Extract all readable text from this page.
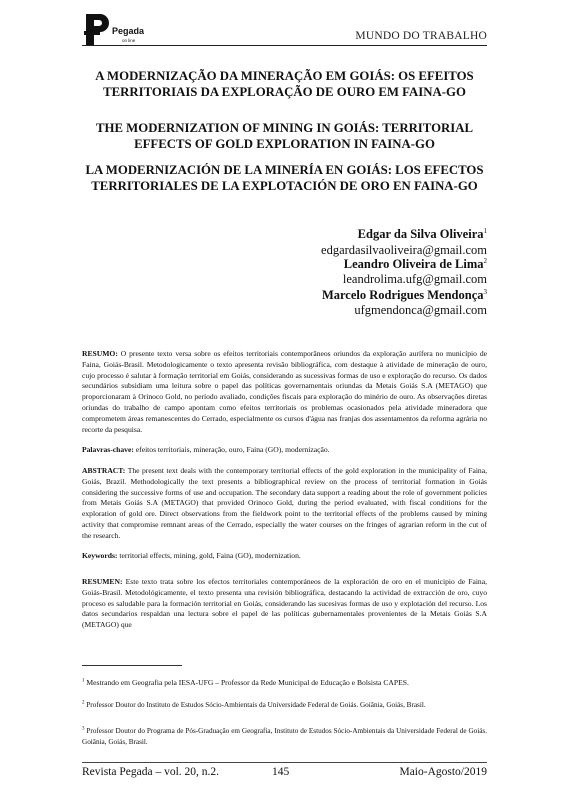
Pegada
on line	MUNDO DO TRABALHO
A MODERNIZAÇÃO DA MINERAÇÃO EM GOIÁS: OS EFEITOS TERRITORIAIS DA EXPLORAÇÃO DE OURO EM FAINA-GO
THE MODERNIZATION OF MINING IN GOIÁS: TERRITORIAL EFFECTS OF GOLD EXPLORATION IN FAINA-GO
LA MODERNIZACIÓN DE LA MINERÍA EN GOIÁS: LOS EFECTOS TERRITORIALES DE LA EXPLOTACIÓN DE ORO EN FAINA-GO
Edgar da Silva Oliveira$^1$
edgardasilvaoliveira@gmail.com
Leandro Oliveira de Lima$^2$
leandrolima.ufg@gmail.com
Marcelo Rodrigues Mendonça$^3$
ufgmendonca@gmail.com
RESUMO: O presente texto versa sobre os efeitos territoriais contemporâneos oriundos da exploração aurífera no município de Faina, Goiás-Brasil. Metodologicamente o texto apresenta revisão bibliográfica, com destaque à atividade de mineração de ouro, cujo processo é salutar à formação territorial em Goiás, considerando as sucessivas formas de uso e exploração do recurso. Os dados secundários subsidiam uma leitura sobre o papel das políticas governamentais oriundas da Metais Goiás S.A (METAGO) que proporcionaram à Orinoco Gold, no período avaliado, condições fiscais para exploração do minério de ouro. As observações diretas oriundas do trabalho de campo apontam como efeitos territoriais os problemas ocasionados pela atividade mineradora que comprometem áreas remanescentes do Cerrado, especialmente os cursos d'água nas franjas dos assentamentos da reforma agrária no recorte da pesquisa.
Palavras-chave: efeitos territoriais, mineração, ouro, Faina (GO), modernização.
ABSTRACT: The present text deals with the contemporary territorial effects of the gold exploration in the municipality of Faina, Goiás, Brazil. Methodologically the text presents a bibliographical review on the process of territorial formation in Goiás considering the successive forms of use and occupation. The secondary data support a reading about the role of government policies from Metais Goiás S.A (METAGO) that provided Orinoco Gold, during the period evaluated, with fiscal conditions for the exploration of gold ore. Direct observations from the fieldwork point to the territorial effects of the problems caused by mining activity that compromise remnant areas of the Cerrado, especially the water courses on the fringes of agrarian reform in the cut of the research.
Keywords: territorial effects, mining, gold, Faina (GO), modernization.
RESUMEN: Este texto trata sobre los efectos territoriales contemporáneos de la exploración de oro en el municipio de Faina, Goiás-Brasil. Metodológicamente, el texto presenta una revisión bibliográfica, destacando la actividad de extracción de oro, cuyo proceso es saludable para la formación territorial en Goiás, considerando las sucesivas formas de uso y explotación del recurso. Los datos secundarios respaldan una lectura sobre el papel de las políticas gubernamentales provenientes de la Metais Goiás S.A (METAGO) que
$^1$ Mestrando em Geografia pela IESA-UFG – Professor da Rede Municipal de Educação e Bolsista CAPES.
$^2$ Professor Doutor do Instituto de Estudos Sócio-Ambientais da Universidade Federal de Goiás. Goiânia, Goiás, Brasil.
$^3$ Professor Doutor do Programa de Pós-Graduação em Geografia, Instituto de Estudos Sócio-Ambientais da Universidade Federal de Goiás. Goiânia, Goiás, Brasil.
Revista Pegada – vol. 20, n.2.	145	Maio-Agosto/2019
